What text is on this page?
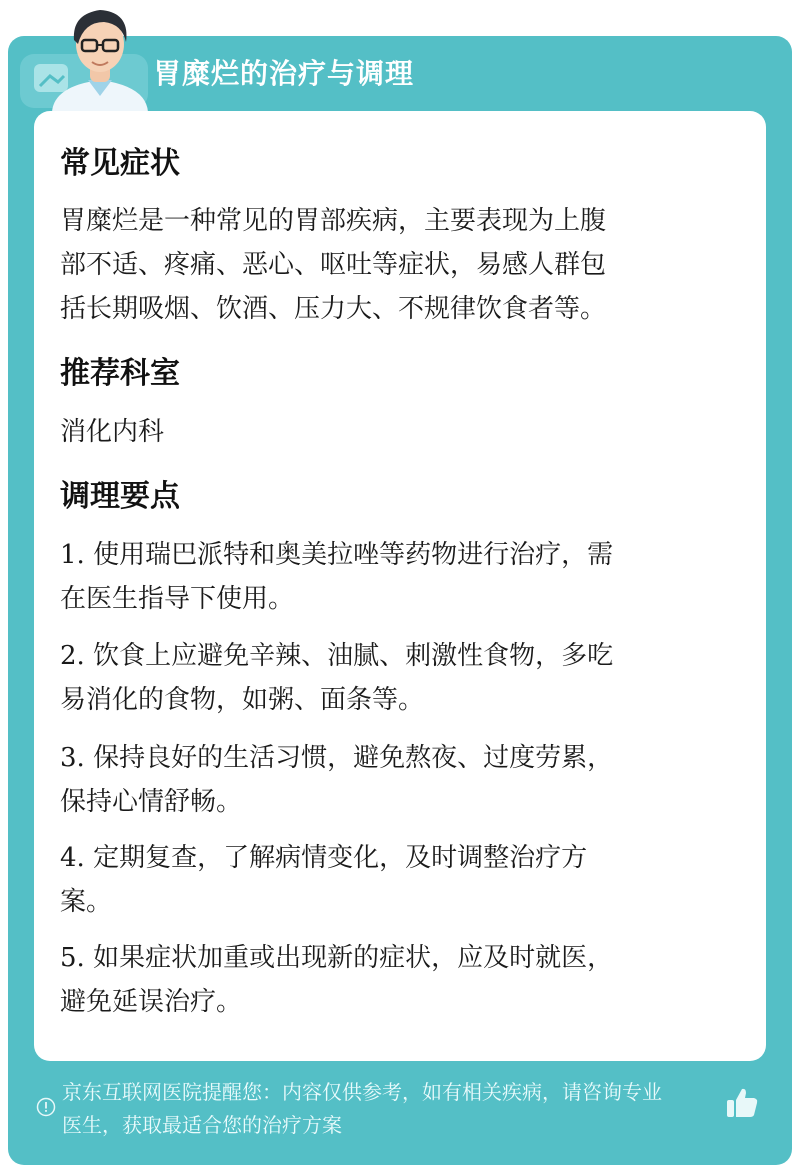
胃糜烂的治疗与调理
常见症状
胃糜烂是一种常见的胃部疾病，主要表现为上腹
部不适、疼痛、恶心、呕吐等症状，易感人群包
括长期吸烟、饮酒、压力大、不规律饮食者等。
推荐科室
消化内科
调理要点
1. 使用瑞巴派特和奥美拉唑等药物进行治疗，需
在医生指导下使用。
2. 饮食上应避免辛辣、油腻、刺激性食物，多吃
易消化的食物，如粥、面条等。
3. 保持良好的生活习惯，避免熬夜、过度劳累，
保持心情舒畅。
4. 定期复查，了解病情变化，及时调整治疗方
案。
5. 如果症状加重或出现新的症状，应及时就医，
避免延误治疗。
京东互联网医院提醒您：内容仅供参考，如有相关疾病，请咨询专业
医生，获取最适合您的治疗方案
